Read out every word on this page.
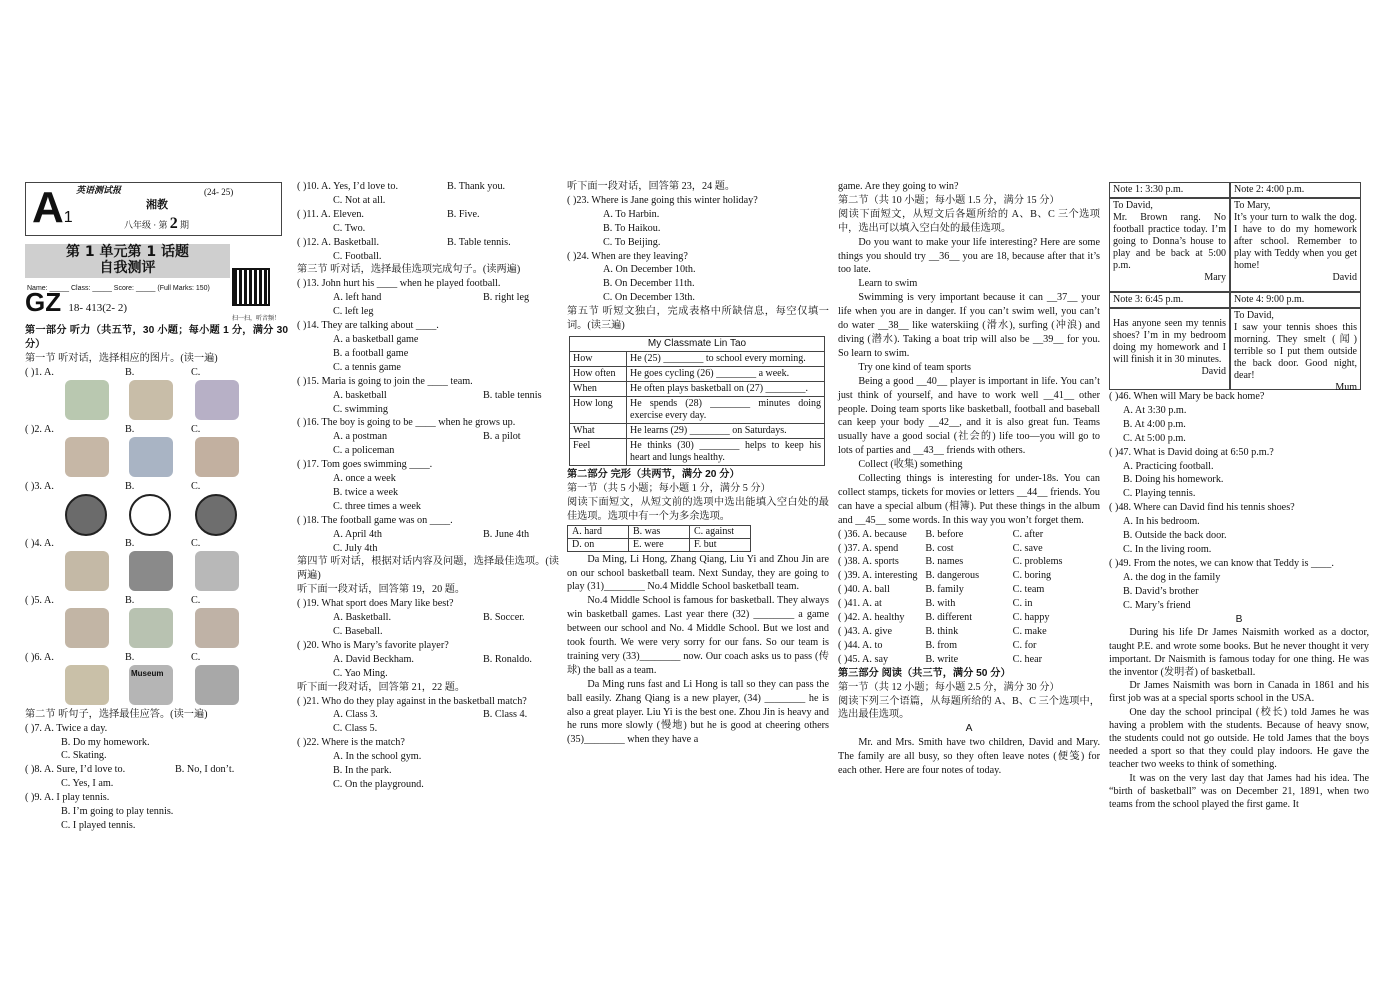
A1
英语测试报	(24- 25)
湘教
八年级 · 第 2 期
第 1 单元第 1 话题
自我测评
Name: _____ Class: _____ Score: _____ (Full Marks: 150)
扫一扫，听音频！
GZ 18- 413(2- 2)
第一部分 听力（共五节，30 小题；每小题 1 分，满分 30 分）
第一节 听对话，选择相应的图片。(读一遍)
( )1. A.	B.	C.
( )2. A.	B.	C.
( )3. A.	B.	C.
( )4. A.	B.	C.
( )5. A.	B.	C.
( )6. A.	B.	C.
Museum
第二节 听句子，选择最佳应答。(读一遍)
( )7. A. Twice a day.
B. Do my homework.
C. Skating.
( )8. A. Sure, I’d love to.	B. No, I don’t.
C. Yes, I am.
( )9. A. I play tennis.
B. I’m going to play tennis.
C. I played tennis.
( )10. A. Yes, I’d love to.	B. Thank you.
C. Not at all.
( )11. A. Eleven.	B. Five.
C. Two.
( )12. A. Basketball.	B. Table tennis.
C. Football.
第三节 听对话，选择最佳选项完成句子。(读两遍)
( )13. John hurt his ____ when he played football.
A. left hand	B. right leg
C. left leg
( )14. They are talking about ____.
A. a basketball game
B. a football game
C. a tennis game
( )15. Maria is going to join the ____ team.
A. basketball	B. table tennis
C. swimming
( )16. The boy is going to be ____ when he grows up.
A. a postman	B. a pilot
C. a policeman
( )17. Tom goes swimming ____.
A. once a week
B. twice a week
C. three times a week
( )18. The football game was on ____.
A. April 4th	B. June 4th
C. July 4th
第四节 听对话，根据对话内容及问题，选择最佳选项。(读两遍)
听下面一段对话，回答第 19，20 题。
( )19. What sport does Mary like best?
A. Basketball.	B. Soccer.
C. Baseball.
( )20. Who is Mary’s favorite player?
A. David Beckham.	B. Ronaldo.
C. Yao Ming.
听下面一段对话，回答第 21，22 题。
( )21. Who do they play against in the basketball match?
A. Class 3.	B. Class 4.
C. Class 5.
( )22. Where is the match?
A. In the school gym.
B. In the park.
C. On the playground.
听下面一段对话，回答第 23，24 题。
( )23. Where is Jane going this winter holiday?
A. To Harbin.
B. To Haikou.
C. To Beijing.
( )24. When are they leaving?
A. On December 10th.
B. On December 11th.
C. On December 13th.
第五节 听短文独白，完成表格中所缺信息，每空仅填一词。(读三遍)
My Classmate Lin Tao	
How	He (25) ________ to school every morning.
How often	He goes cycling (26) ________ a week.
When	He often plays basketball on (27) ________.
How long	He spends (28) ________ minutes doing exercise every day.
What	He learns (29) ________ on Saturdays.
Feel	He thinks (30) ________ helps to keep his heart and lungs healthy.
第二部分 完形（共两节，满分 20 分）
第一节（共 5 小题；每小题 1 分，满分 5 分）
阅读下面短文，从短文前的选项中选出能填入空白处的最佳选项。选项中有一个为多余选项。
A. hard	B. was	C. against
D. on	E. were	F. but
Da Ming, Li Hong, Zhang Qiang, Liu Yi and Zhou Jin are on our school basketball team. Next Sunday, they are going to play (31)________ No.4 Middle School basketball team.
No.4 Middle School is famous for basketball. They always win basketball games. Last year there (32) ________ a game between our school and No. 4 Middle School. But we lost and took fourth. We were very sorry for our fans. So our team is training very (33)________ now. Our coach asks us to pass (传球) the ball as a team.
Da Ming runs fast and Li Hong is tall so they can pass the ball easily. Zhang Qiang is a new player, (34) ________ he is also a great player. Liu Yi is the best one. Zhou Jin is heavy and he runs more slowly (慢地) but he is good at cheering others (35)________ when they have a
game. Are they going to win?
第二节（共 10 小题；每小题 1.5 分，满分 15 分）
阅读下面短文，从短文后各题所给的 A、B、C 三个选项中，选出可以填入空白处的最佳选项。
Do you want to make your life interesting? Here are some things you should try __36__ you are 18, because after that it’s too late.
Learn to swim
Swimming is very important because it can __37__ your life when you are in danger. If you can’t swim well, you can’t do water __38__ like waterskiing (滑水), surfing (冲浪) and diving (潜水). Taking a boat trip will also be __39__ for you. So learn to swim.
Try one kind of team sports
Being a good __40__ player is important in life. You can’t just think of yourself, and have to work well __41__ other people. Doing team sports like basketball, football and baseball can keep your body __42__, and it is also great fun. Teams usually have a good social (社会的) life too—you will go to lots of parties and __43__ friends with others.
Collect (收集) something
Collecting things is interesting for under-18s. You can collect stamps, tickets for movies or letters __44__ friends. You can have a special album (相簿). Put these things in the album and __45__ some words. In this way you won’t forget them.
( )36. A. because	B. before	C. after
( )37. A. spend	B. cost	C. save
( )38. A. sports	B. names	C. problems
( )39. A. interesting B. dangerous	C. boring
( )40. A. ball	B. family	C. team
( )41. A. at	B. with	C. in
( )42. A. healthy	B. different	C. happy
( )43. A. give	B. think	C. make
( )44. A. to	B. from	C. for
( )45. A. say	B. write	C. hear
第三部分 阅读（共三节，满分 50 分）
第一节（共 12 小题；每小题 2.5 分，满分 30 分）
阅读下列三个语篇，从每题所给的 A、B、C 三个选项中，选出最佳选项。
A
Mr. and Mrs. Smith have two children, David and Mary. The family are all busy, so they often leave notes (便笺) for each other. Here are four notes of today.
Note 1: 3:30 p.m.
To David,
Mr. Brown rang. No football practice today. I’m going to Donna’s house to play and be back at 5:00 p.m.
Mary
Note 3: 6:45 p.m.
Has anyone seen my tennis shoes? I’m in my bedroom doing my homework and I will finish it in 30 minutes.
David
Note 2: 4:00 p.m.
To Mary,
It’s your turn to walk the dog. I have to do my homework after school. Remember to play with Teddy when you get home!
David
Note 4: 9:00 p.m.
To David,
I saw your tennis shoes this morning. They smelt (闻) terrible so I put them outside the back door. Good night, dear!
Mum
( )46. When will Mary be back home?
A. At 3:30 p.m.
B. At 4:00 p.m.
C. At 5:00 p.m.
( )47. What is David doing at 6:50 p.m.?
A. Practicing football.
B. Doing his homework.
C. Playing tennis.
( )48. Where can David find his tennis shoes?
A. In his bedroom.
B. Outside the back door.
C. In the living room.
( )49. From the notes, we can know that Teddy is ____.
A. the dog in the family
B. David’s brother
C. Mary’s friend
B
During his life Dr James Naismith worked as a doctor, taught P.E. and wrote some books. But he never thought it very important. Dr Naismith is famous today for one thing. He was the inventor (发明者) of basketball.
Dr James Naismith was born in Canada in 1861 and his first job was at a special sports school in the USA.
One day the school principal (校长) told James he was having a problem with the students. Because of heavy snow, the students could not go outside. He told James that the boys needed a sport so that they could play indoors. He gave the teacher two weeks to think of something.
It was on the very last day that James had his idea. The “birth of basketball” was on December 21, 1891, when two teams from the school played the first game. It
